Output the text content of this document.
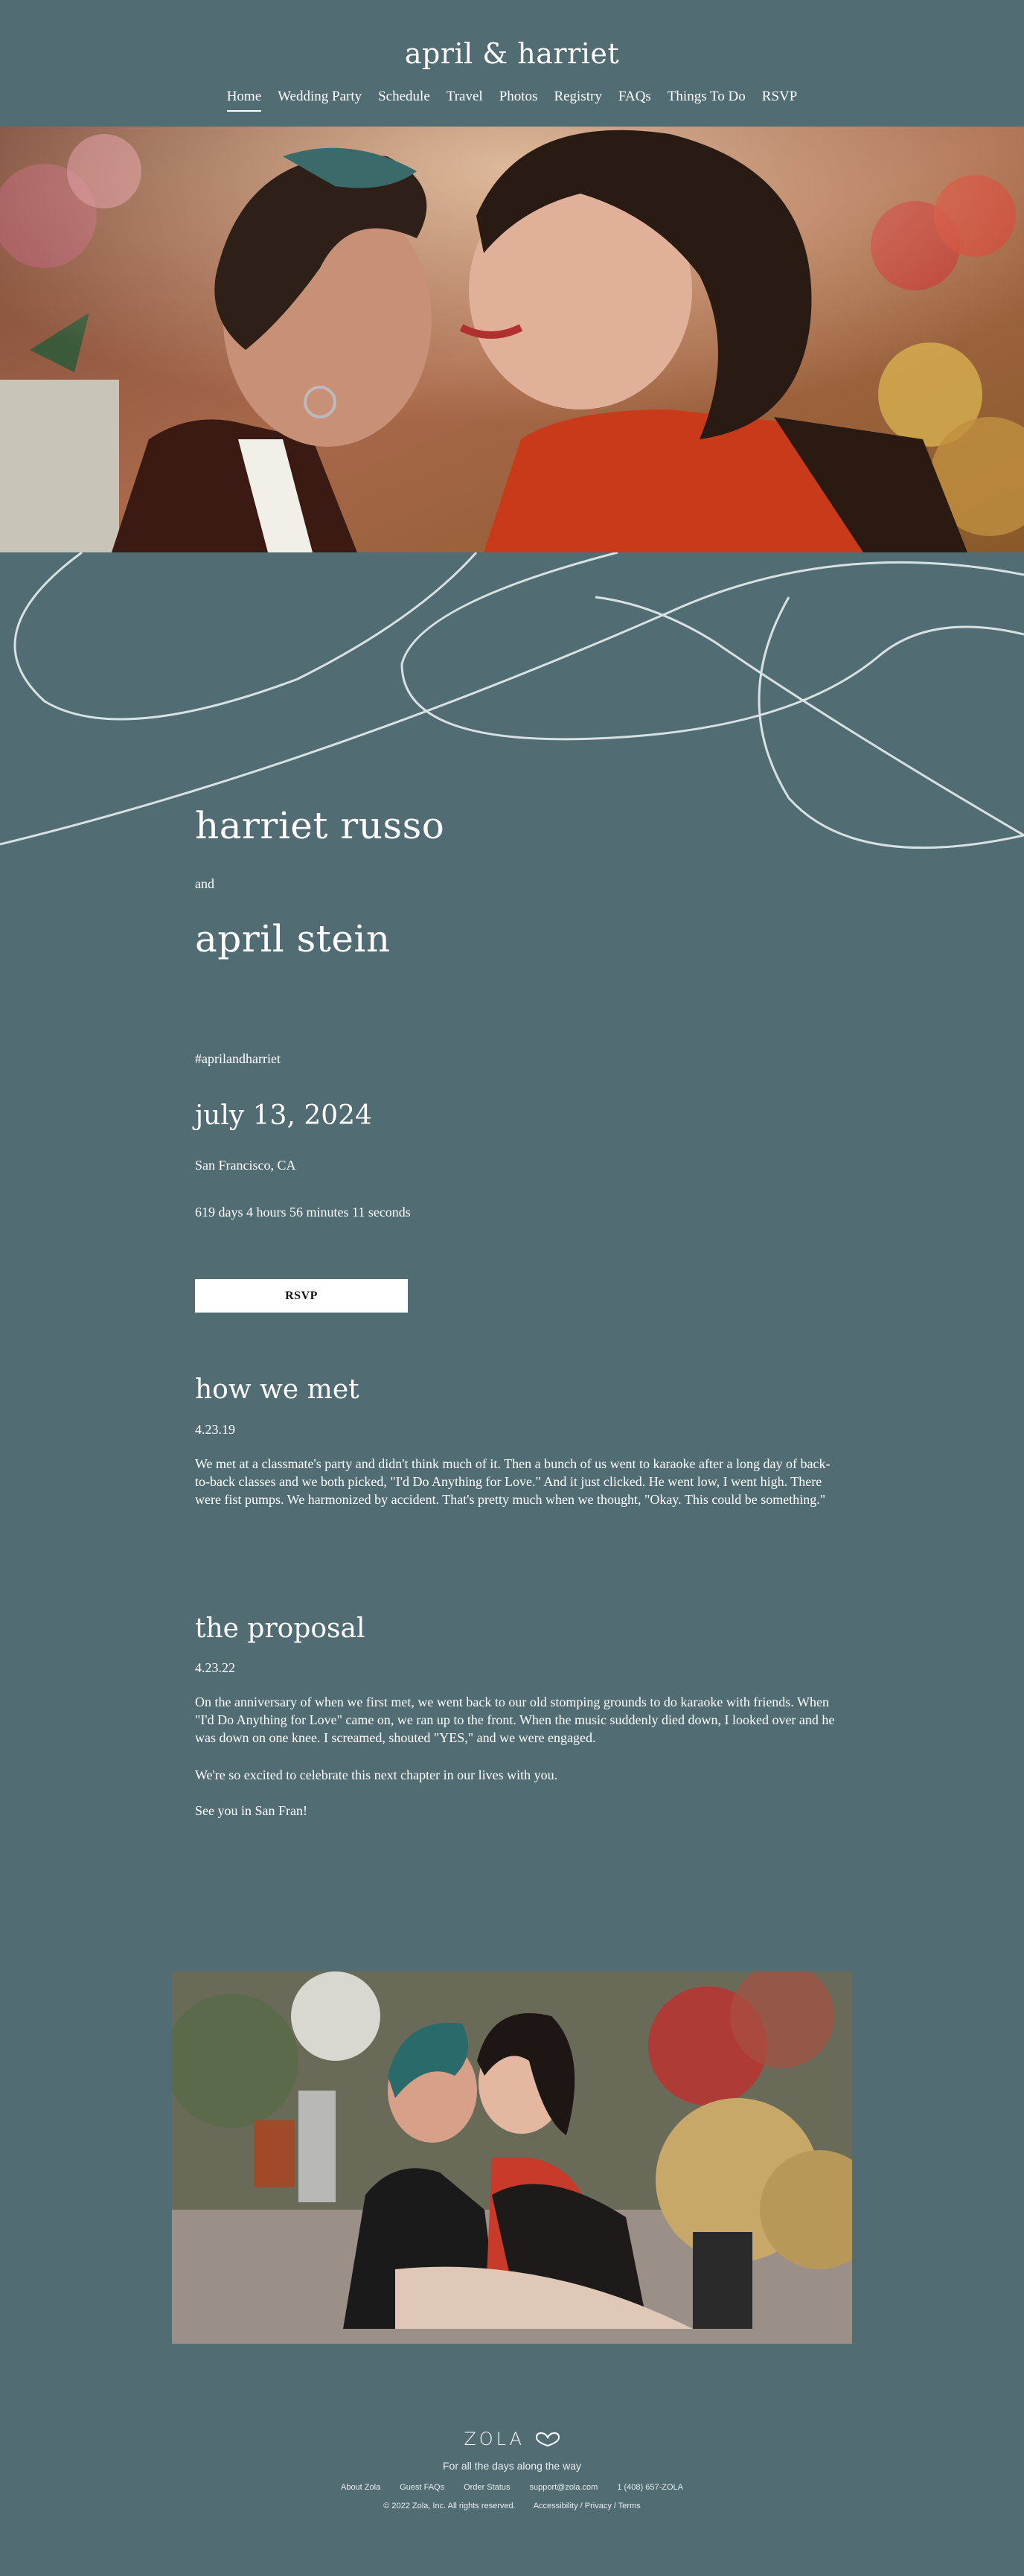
april & harriet
Home	Wedding Party	Schedule	Travel	Photos	Registry	FAQs	Things To Do	RSVP
harriet russo
and
april stein
#aprilandharriet
july 13, 2024
San Francisco, CA
619 days 4 hours 56 minutes 11 seconds
RSVP
how we met
4.23.19
We met at a classmate's party and didn't think much of it. Then a bunch of us went to karaoke after a long day of back-to-back classes and we both picked, "I'd Do Anything for Love." And it just clicked. He went low, I went high. There were fist pumps. We harmonized by accident. That's pretty much when we thought, "Okay. This could be something."
the proposal
4.23.22
On the anniversary of when we first met, we went back to our old stomping grounds to do karaoke with friends. When "I'd Do Anything for Love" came on, we ran up to the front. When the music suddenly died down, I looked over and he was down on one knee. I screamed, shouted "YES," and we were engaged.
We're so excited to celebrate this next chapter in our lives with you.
See you in San Fran!
ZOLA
For all the days along the way
About Zola Guest FAQs Order Status support@zola.com 1 (408) 657-ZOLA
© 2022 Zola, Inc. All rights reserved. Accessibility / Privacy / Terms
